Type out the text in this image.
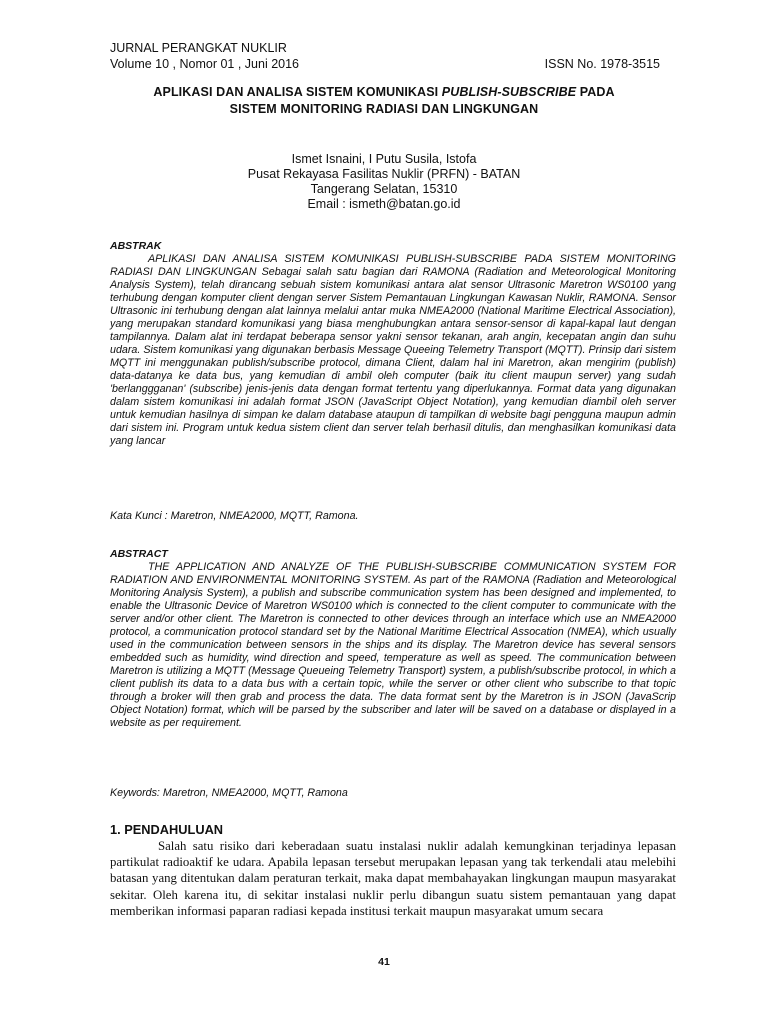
JURNAL PERANGKAT NUKLIR
Volume 10 , Nomor 01 , Juni 2016	ISSN No. 1978-3515
APLIKASI DAN ANALISA SISTEM KOMUNIKASI PUBLISH-SUBSCRIBE PADA
SISTEM MONITORING RADIASI DAN LINGKUNGAN
Ismet Isnaini, I Putu Susila, Istofa
Pusat Rekayasa Fasilitas Nuklir (PRFN) - BATAN
Tangerang Selatan, 15310
Email : ismeth@batan.go.id
ABSTRAK

APLIKASI DAN ANALISA SISTEM KOMUNIKASI PUBLISH-SUBSCRIBE PADA SISTEM MONITORING RADIASI DAN LINGKUNGAN Sebagai salah satu bagian dari RAMONA (Radiation and Meteorological Monitoring Analysis System), telah dirancang sebuah sistem komunikasi antara alat sensor Ultrasonic Maretron WS0100 yang terhubung dengan komputer client dengan server Sistem Pemantauan Lingkungan Kawasan Nuklir, RAMONA. Sensor Ultrasonic ini terhubung dengan alat lainnya melalui antar muka NMEA2000 (National Maritime Electrical Association), yang merupakan standard komunikasi yang biasa menghubungkan antara sensor-sensor di kapal-kapal laut dengan tampilannya. Dalam alat ini terdapat beberapa sensor yakni sensor tekanan, arah angin, kecepatan angin dan suhu udara. Sistem komunikasi yang digunakan berbasis Message Queeing Telemetry Transport (MQTT). Prinsip dari sistem MQTT ini menggunakan publish/subscribe protocol, dimana Client, dalam hal ini Maretron, akan mengirim (publish) data-datanya ke data bus, yang kemudian di ambil oleh computer (baik itu client maupun server) yang sudah 'berlanggganan' (subscribe) jenis-jenis data dengan format tertentu yang diperlukannya. Format data yang digunakan dalam sistem komunikasi ini adalah format JSON (JavaScript Object Notation), yang kemudian diambil oleh server untuk kemudian hasilnya di simpan ke dalam database ataupun di tampilkan di website bagi pengguna maupun admin dari sistem ini. Program untuk kedua sistem client dan server telah berhasil ditulis, dan menghasilkan komunikasi data yang lancar

Kata Kunci : Maretron, NMEA2000, MQTT, Ramona.
ABSTRACT

THE APPLICATION AND ANALYZE OF THE PUBLISH-SUBSCRIBE COMMUNICATION SYSTEM FOR RADIATION AND ENVIRONMENTAL MONITORING SYSTEM. As part of the RAMONA (Radiation and Meteorological Monitoring Analysis System), a publish and subscribe communication system has been designed and implemented, to enable the Ultrasonic Device of Maretron WS0100 which is connected to the client computer to communicate with the server and/or other client. The Maretron is connected to other devices through an interface which use an NMEA2000 protocol, a communication protocol standard set by the National Maritime Electrical Assocation (NMEA), which usually used in the communication between sensors in the ships and its display. The Maretron device has several sensors embedded such as humidity, wind direction and speed, temperature as well as speed. The communication between Maretron is utilizing a MQTT (Message Queueing Telemetry Transport) system, a publish/subscribe protocol, in which a client publish its data to a data bus with a certain topic, while the server or other client who subscribe to that topic through a broker will then grab and process the data. The data format sent by the Maretron is in JSON (JavaScrip Object Notation) format, which will be parsed by the subscriber and later will be saved on a database or displayed in a website as per requirement.

Keywords: Maretron, NMEA2000, MQTT, Ramona
1. PENDAHULUAN

Salah satu risiko dari keberadaan suatu instalasi nuklir adalah kemungkinan terjadinya lepasan partikulat radioaktif ke udara. Apabila lepasan tersebut merupakan lepasan yang tak terkendali atau melebihi batasan yang ditentukan dalam peraturan terkait, maka dapat membahayakan lingkungan maupun masyarakat sekitar. Oleh karena itu, di sekitar instalasi nuklir perlu dibangun suatu sistem pemantauan yang dapat memberikan informasi paparan radiasi kepada institusi terkait maupun masyarakat umum secara

41
